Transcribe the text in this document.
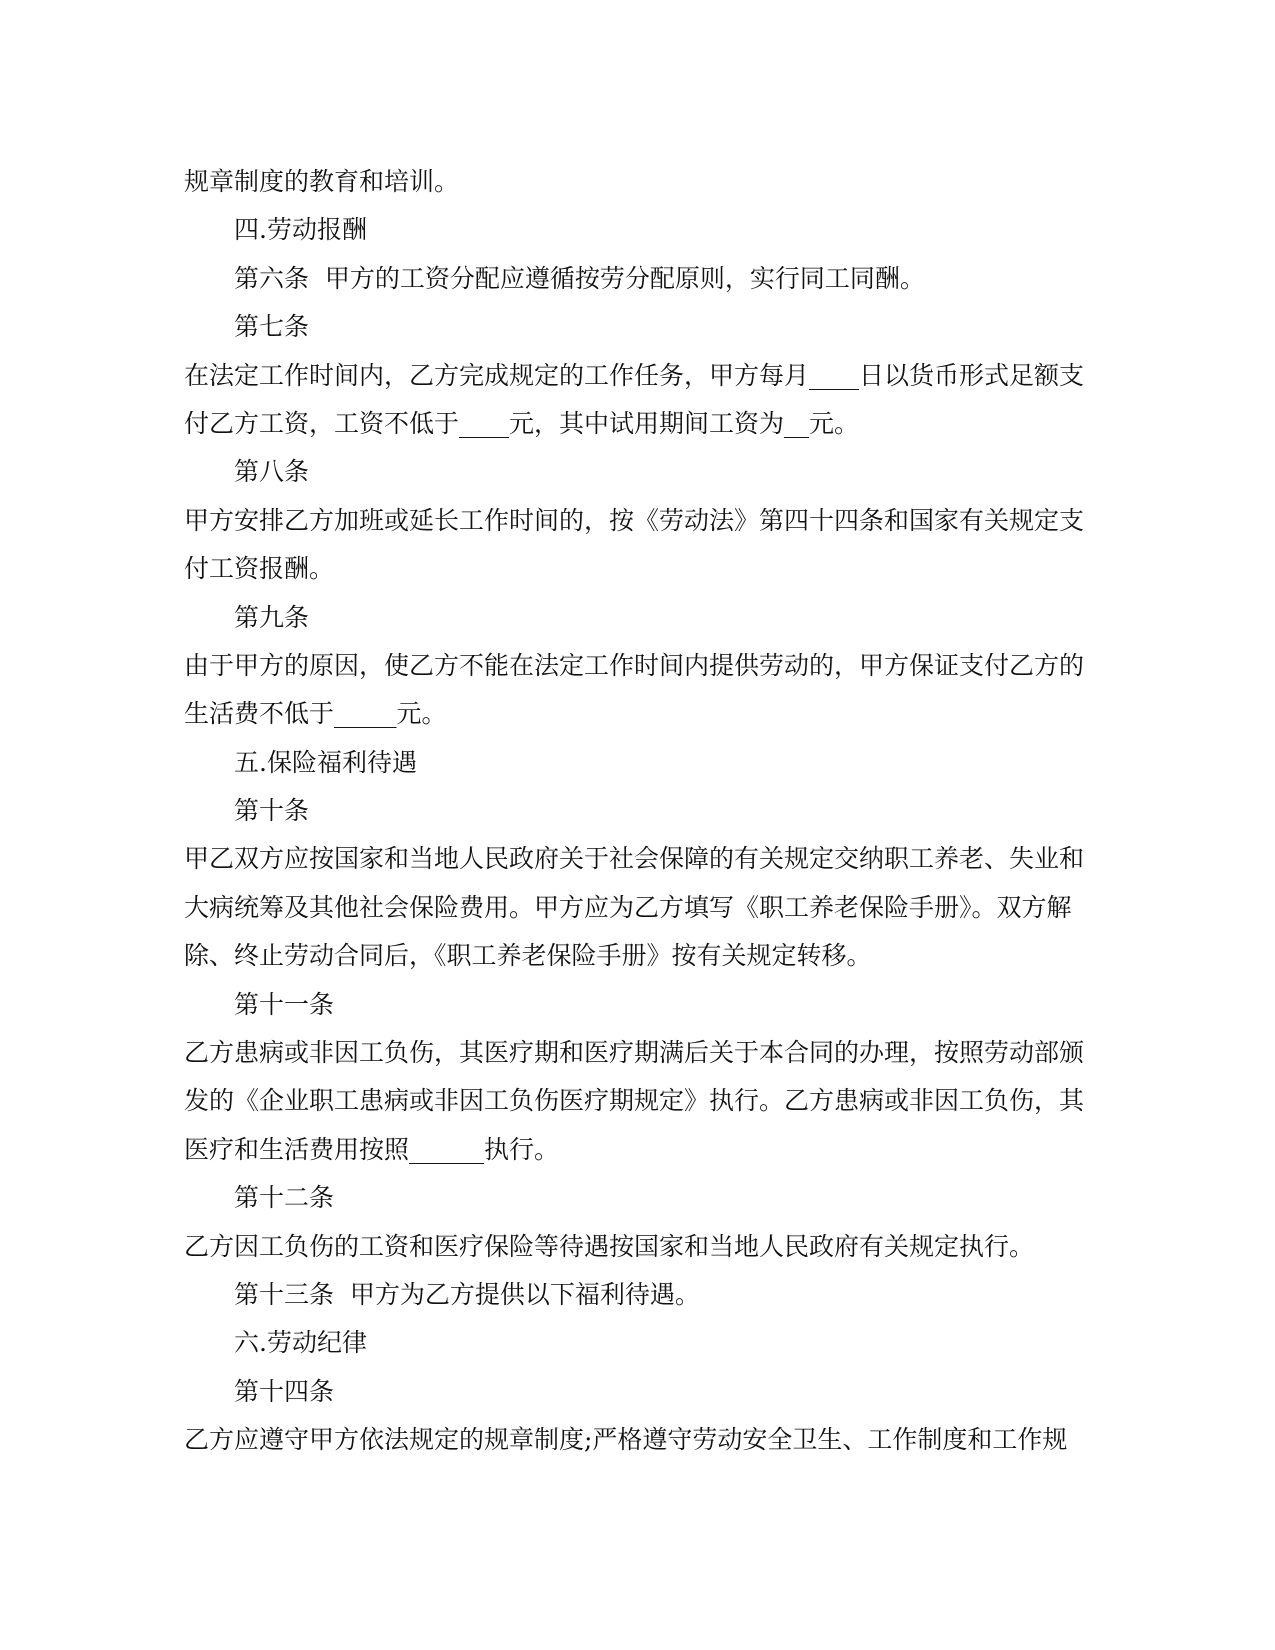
规章制度的教育和培训。
四.劳动报酬
第六条  甲方的工资分配应遵循按劳分配原则，实行同工同酬。
第七条
在法定工作时间内，乙方完成规定的工作任务，甲方每月____日以货币形式足额支
付乙方工资，工资不低于____元，其中试用期间工资为__元。
第八条
甲方安排乙方加班或延长工作时间的，按《劳动法》第四十四条和国家有关规定支
付工资报酬。
第九条
由于甲方的原因，使乙方不能在法定工作时间内提供劳动的，甲方保证支付乙方的
生活费不低于_____元。
五.保险福利待遇
第十条
甲乙双方应按国家和当地人民政府关于社会保障的有关规定交纳职工养老、失业和
大病统筹及其他社会保险费用。甲方应为乙方填写《职工养老保险手册》。双方解
除、终止劳动合同后，《职工养老保险手册》按有关规定转移。
第十一条
乙方患病或非因工负伤，其医疗期和医疗期满后关于本合同的办理，按照劳动部颁
发的《企业职工患病或非因工负伤医疗期规定》执行。乙方患病或非因工负伤，其
医疗和生活费用按照______执行。
第十二条
乙方因工负伤的工资和医疗保险等待遇按国家和当地人民政府有关规定执行。
第十三条  甲方为乙方提供以下福利待遇。
六.劳动纪律
第十四条
乙方应遵守甲方依法规定的规章制度;严格遵守劳动安全卫生、工作制度和工作规
